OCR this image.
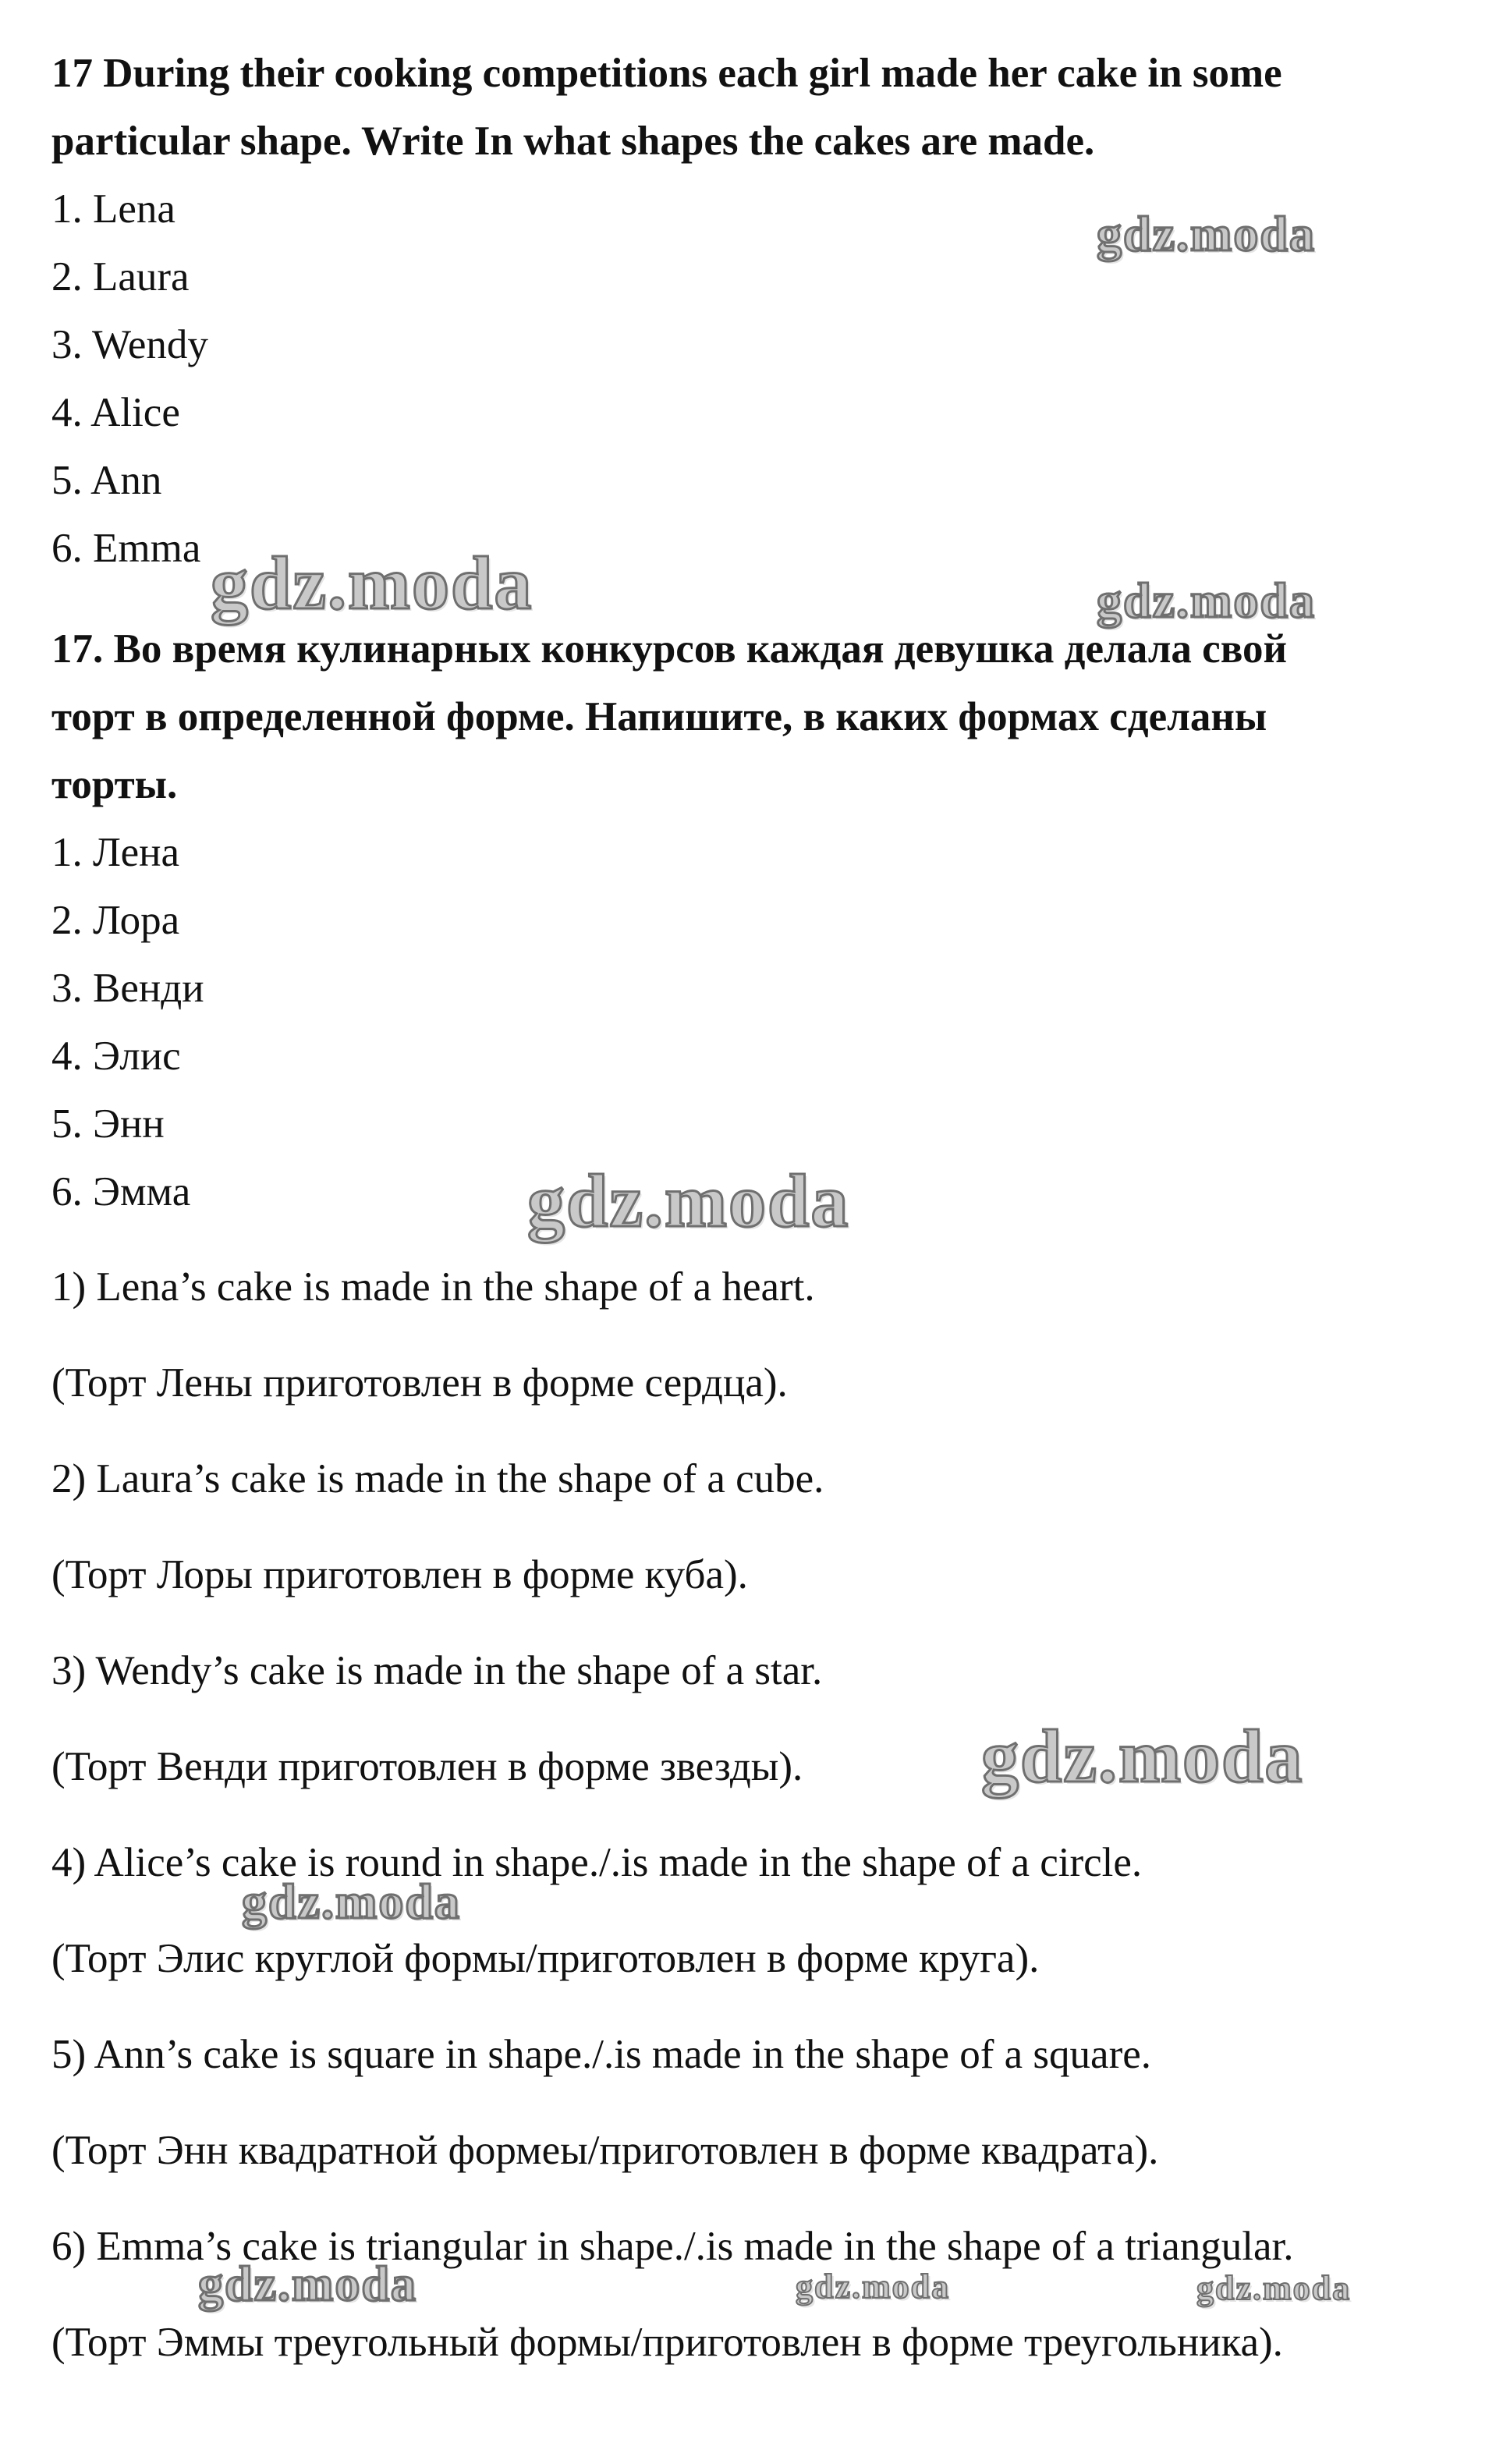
17 During their cooking competitions each girl made her cake in some
particular shape. Write In what shapes the cakes are made.
1. Lena
2. Laura
3. Wendy
4. Alice
5. Ann
6. Emma
17. Во время кулинарных конкурсов каждая девушка делала свой
торт в определенной форме. Напишите, в каких формах сделаны
торты.
1. Лена
2. Лора
3. Венди
4. Элис
5. Энн
6. Эмма
1) Lena’s cake is made in the shape of a heart.
(Торт Лены приготовлен в форме сердца).
2) Laura’s cake is made in the shape of a cube.
(Торт Лоры приготовлен в форме куба).
3) Wendy’s cake is made in the shape of a star.
(Торт Венди приготовлен в форме звезды).
4) Alice’s cake is round in shape./.is made in the shape of a circle.
(Торт Элис круглой формы/приготовлен в форме круга).
5) Ann’s cake is square in shape./.is made in the shape of a square.
(Торт Энн квадратной формеы/приготовлен в форме квадрата).
6) Emma’s cake is triangular in shape./.is made in the shape of a triangular.
(Торт Эммы треугольный формы/приготовлен в форме треугольника).
gdz.moda
gdz.moda	gdz.moda
gdz.moda
gdz.moda
gdz.moda
gdz.moda	gdz.moda	gdz.moda
